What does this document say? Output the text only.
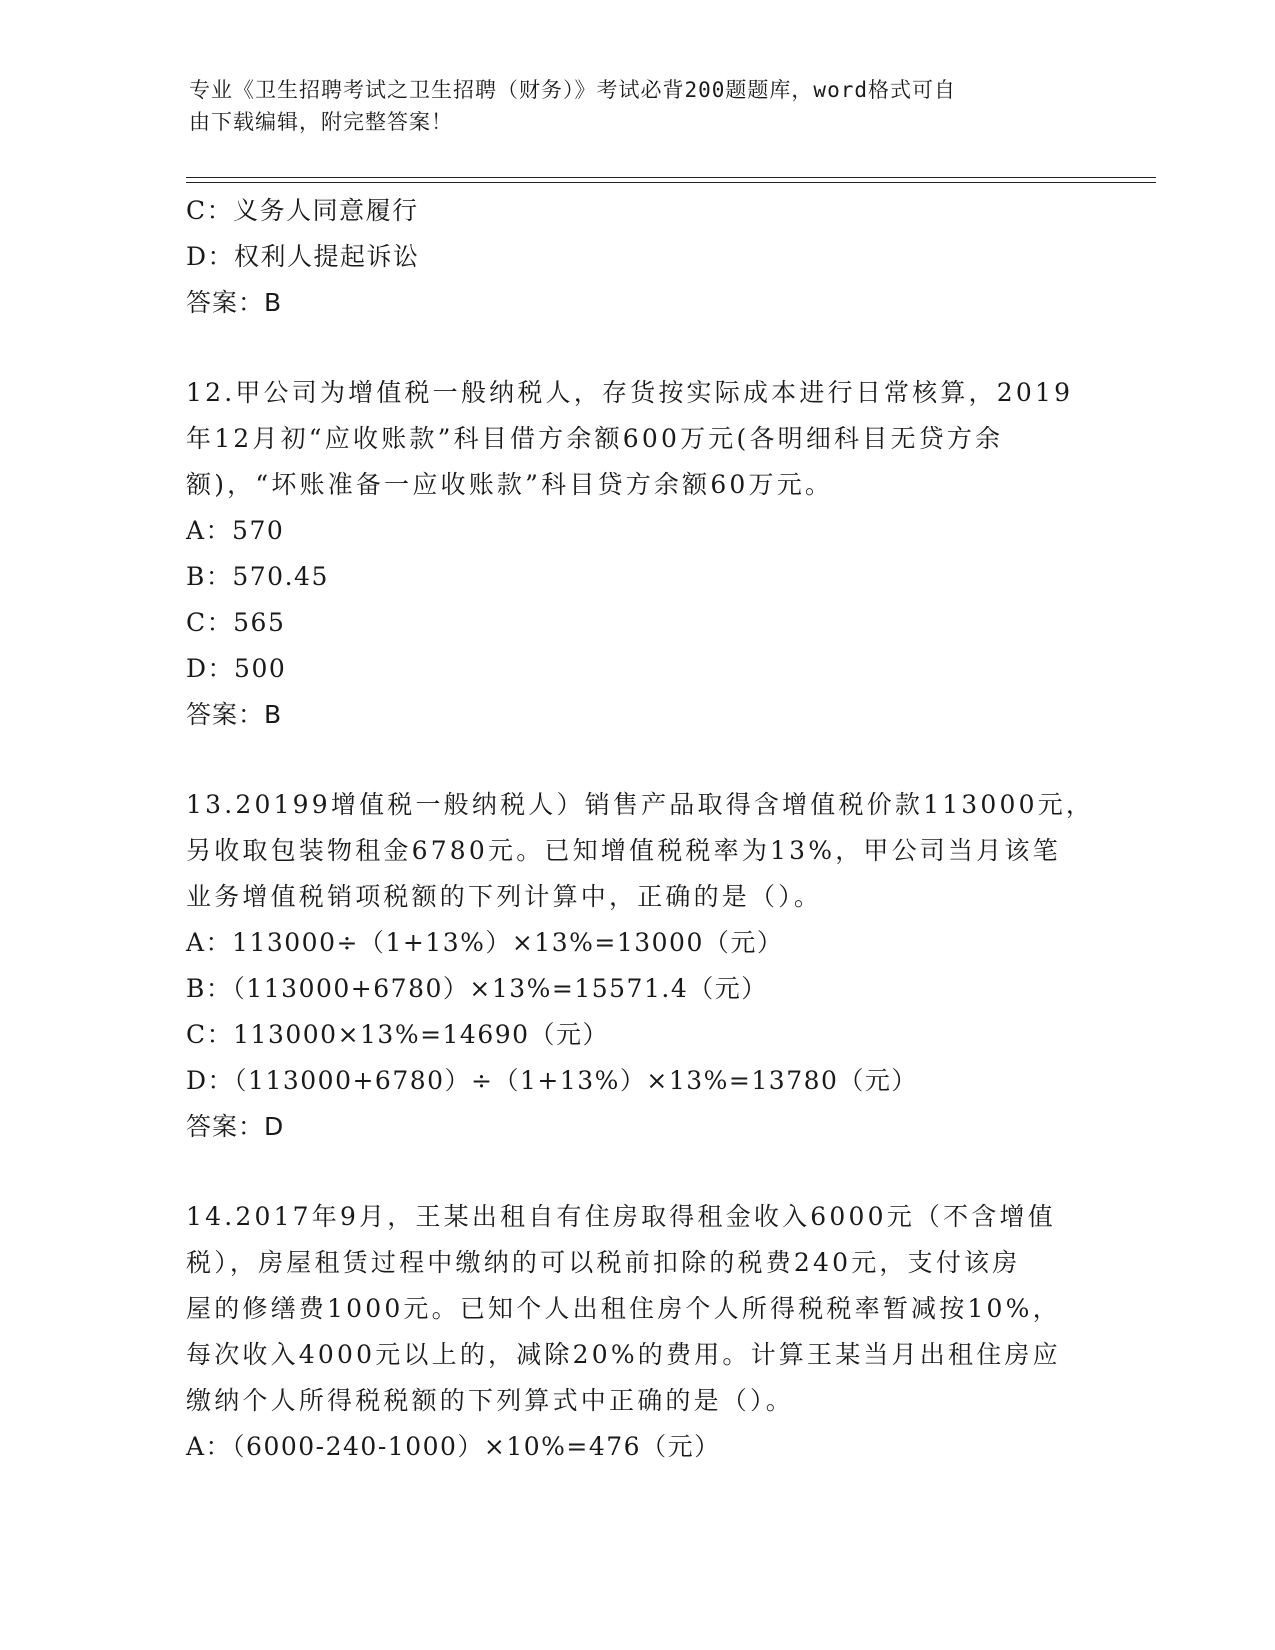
专业《卫生招聘考试之卫生招聘（财务）》考试必背200题题库，word格式可自
由下载编辑，附完整答案！
C：义务人同意履行
D：权利人提起诉讼
答案：B
12.甲公司为增值税一般纳税人，存货按实际成本进行日常核算，2019
年12月初“应收账款”科目借方余额600万元(各明细科目无贷方余
额)，“坏账准备一应收账款”科目贷方余额60万元。
A：570
B：570.45
C：565
D：500
答案：B
13.20199增值税一般纳税人）销售产品取得含增值税价款113000元，
另收取包装物租金6780元。已知增值税税率为13%，甲公司当月该笔
业务增值税销项税额的下列计算中，正确的是（）。
A：113000÷（1+13%）×13%=13000（元）
B：（113000+6780）×13%=15571.4（元）
C：113000×13%=14690（元）
D：（113000+6780）÷（1+13%）×13%=13780（元）
答案：D
14.2017年9月，王某出租自有住房取得租金收入6000元（不含增值
税），房屋租赁过程中缴纳的可以税前扣除的税费240元，支付该房
屋的修缮费1000元。已知个人出租住房个人所得税税率暂减按10%，
每次收入4000元以上的，减除20%的费用。计算王某当月出租住房应
缴纳个人所得税税额的下列算式中正确的是（）。
A：（6000-240-1000）×10%=476（元）
